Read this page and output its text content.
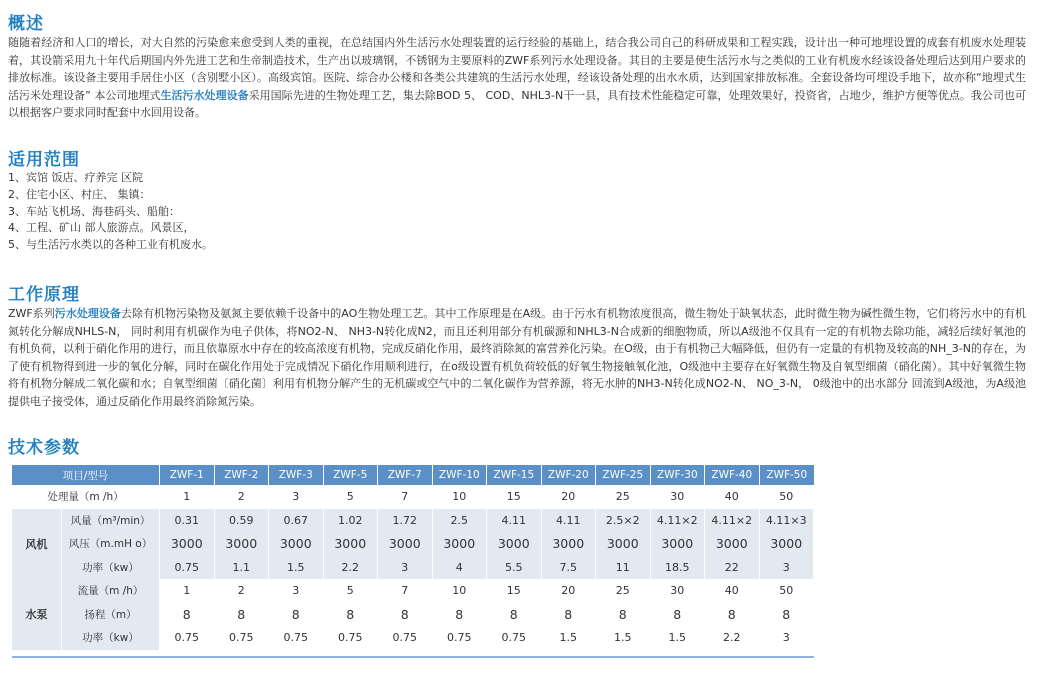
概述

随随着经济和人口的增长，对大自然的污染愈来愈受到人类的重视，在总结国内外生活污水处理装置的运行经验的基础上，结合我公司自己的科研成果和工程实践，设计出一种可地埋设置的成套有机废水处理装着，其设箭采用九十年代后期国内外先进工艺和生帝制造技术，生产出以玻璃钢，不锈钢为主要原料的ZWF系列污水处理设备。其目的主要是使生活污水与之类似的工业有机废水经该设备处理后达到用户要求的排放标准。该设备主要用手居住小区（含别墅小区）。高级宾馆。医院、综合办公楼和各类公共建筑的生活污水处理，经该设备处理的出水水质，达到国家排放标准。全套设备均可埋设手地下，故亦称“地埋式生活污米处理设备” 本公司地埋式生活污水处理设备采用国际先进的生物处理工艺，集去除BOD 5、 COD、NHL3-N干一县，具有技术性能稳定可靠，处理效果好，投资省，占地少，维护方便等优点。我公司也可以根据客户要求同时配套中水回用设备。

适用范围
1、宾馆 饭店、疗养完 区院
2、住宅小区、村庄、 集镇：
3、车站飞机场、海巷码头、船舶：
4、工程、矿山 部人旅游点。风景区，
5、与生活污水类以的各种工业有机废水。
工作原理

ZWF系列污水处理设备去除有机物污染物及氨氮主要依赖千设备中的AO生物处理工艺。其中工作原理是在A级。由于污水有机物浓度很高，微生物处于缺氧状态，此时微生物为碱性微生物，它们将污水中的有机氮转化分解成NHLS-N， 同时利用有机碳作为电子供体，将NO2-N、 NH3-N转化成N2，而且还利用部分有机碳源和NHL3-N合成新的细胞物质，所以A级池不仅具有一定的有机物去除功能，减轻后续好氧池的有机负荷，以利于硝化作用的进行，而且依靠原水中存在的较高浓度有机物，完成反硝化作用，最终消除氮的富营养化污染。在O级，由于有机物己大幅降低，但仍有一定量的有机物及较高的NH_3-N的存在，为了使有机物得到进一步的氧化分解，同时在碳化作用处于完成情况下硝化作用顺利进行，在o级设置有机负荷较低的好氧生物接触氧化池，O级池中主要存在好氧微生物及自氧型细菌（硝化菌）。其中好氧微生物将有机物分解成二氧化碳和水；自氧型细菌〔硝化菌〕利用有机物分解产生的无机碳或空气中的二氧化碳作为营养源，将无水肿的NH3-N转化成NO2-N、 NO_3-N， 0级池中的出水部分 回流到A级池，为A级池提供电子接受体，通过反硝化作用最终消除氮污染。

技术参数
项目/型号		ZWF-1	ZWF-2	ZWF-3	ZWF-5	ZWF-7	ZWF-10	ZWF-15	ZWF-20	ZWF-25	ZWF-30	ZWF-40	ZWF-50
处理量（m /h）		1	2	3	5	7	10	15	20	25	30	40	50
风机	风量（m³/min）	0.31	0.59	0.67	1.02	1.72	2.5	4.11	4.11	2.5×2	4.11×2	4.11×2	4.11×3
	风压（m.mH o）	3000	3000	3000	3000	3000	3000	3000	3000	3000	3000	3000	3000
	功率（kw）	0.75	1.1	1.5	2.2	3	4	5.5	7.5	11	18.5	22	3
水泵	流量（m /h）	1	2	3	5	7	10	15	20	25	30	40	50
	扬程（m）	8	8	8	8	8	8	8	8	8	8	8	8
	功率（kw）	0.75	0.75	0.75	0.75	0.75	0.75	0.75	1.5	1.5	1.5	2.2	3
